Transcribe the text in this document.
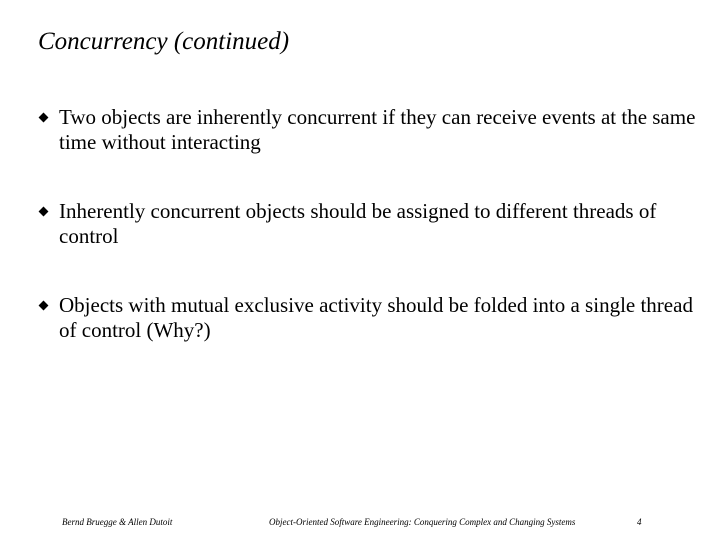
Concurrency (continued)
Two objects are inherently concurrent if they can receive events at the same time without interacting
Inherently concurrent objects should be assigned to different threads of control
Objects with mutual exclusive activity should be folded into a single thread of control (Why?)
Bernd Bruegge & Allen Dutoit	Object-Oriented Software Engineering: Conquering Complex and Changing Systems	4
